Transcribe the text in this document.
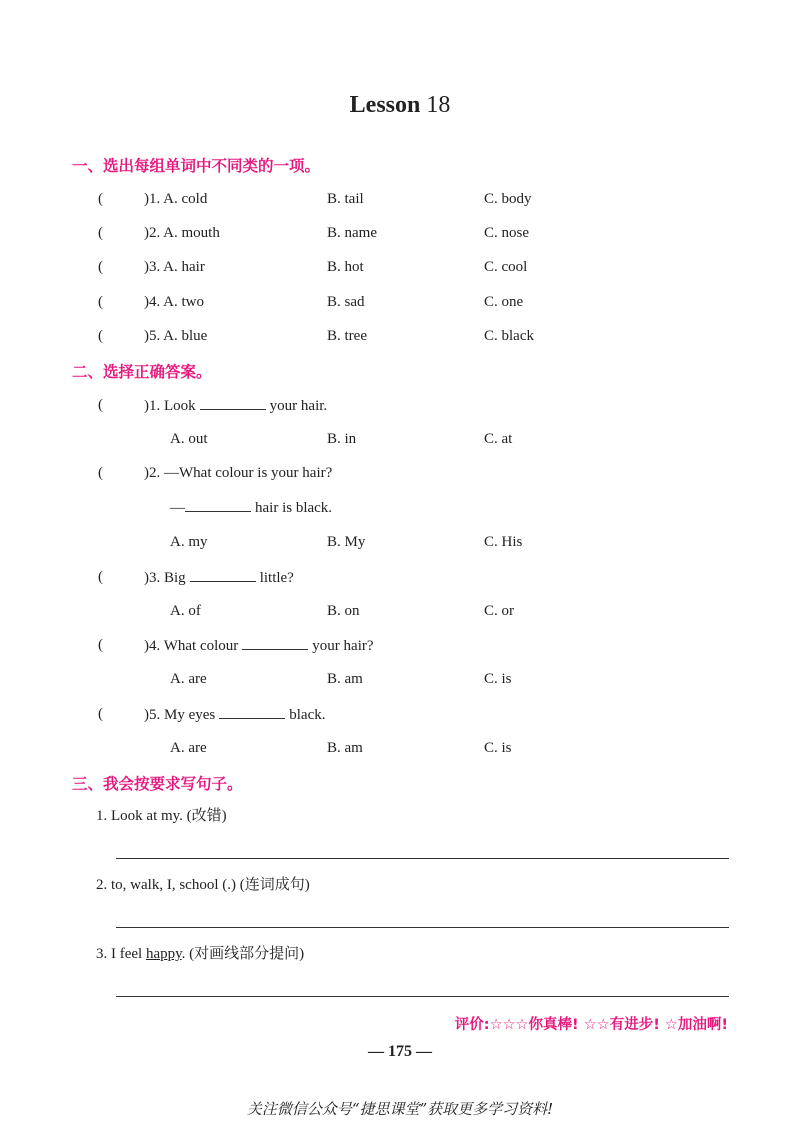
Lesson 18
一、选出每组单词中不同类的一项。
(	)1. A. cold	B. tail	C. body
(	)2. A. mouth	B. name	C. nose
(	)3. A. hair	B. hot	C. cool
(	)4. A. two	B. sad	C. one
(	)5. A. blue	B. tree	C. black
二、选择正确答案。
(	)1. Look	your hair.
A. out	B. in	C. at
(	)2. —What colour is your hair?
—	hair is black.
A. my	B. My	C. His
(	)3. Big	little?
A. of	B. on	C. or
(	)4. What colour	your hair?
A. are	B. am	C. is
(	)5. My eyes	black.
A. are	B. am	C. is
三、我会按要求写句子。
1. Look at my. (改错)
2. to, walk, I, school (.) (连词成句)
3. I feel happy. (对画线部分提问)
评价:☆☆☆你真棒! ☆☆有进步! ☆加油啊!
— 175 —
关注微信公众号“捷思课堂”获取更多学习资料!
